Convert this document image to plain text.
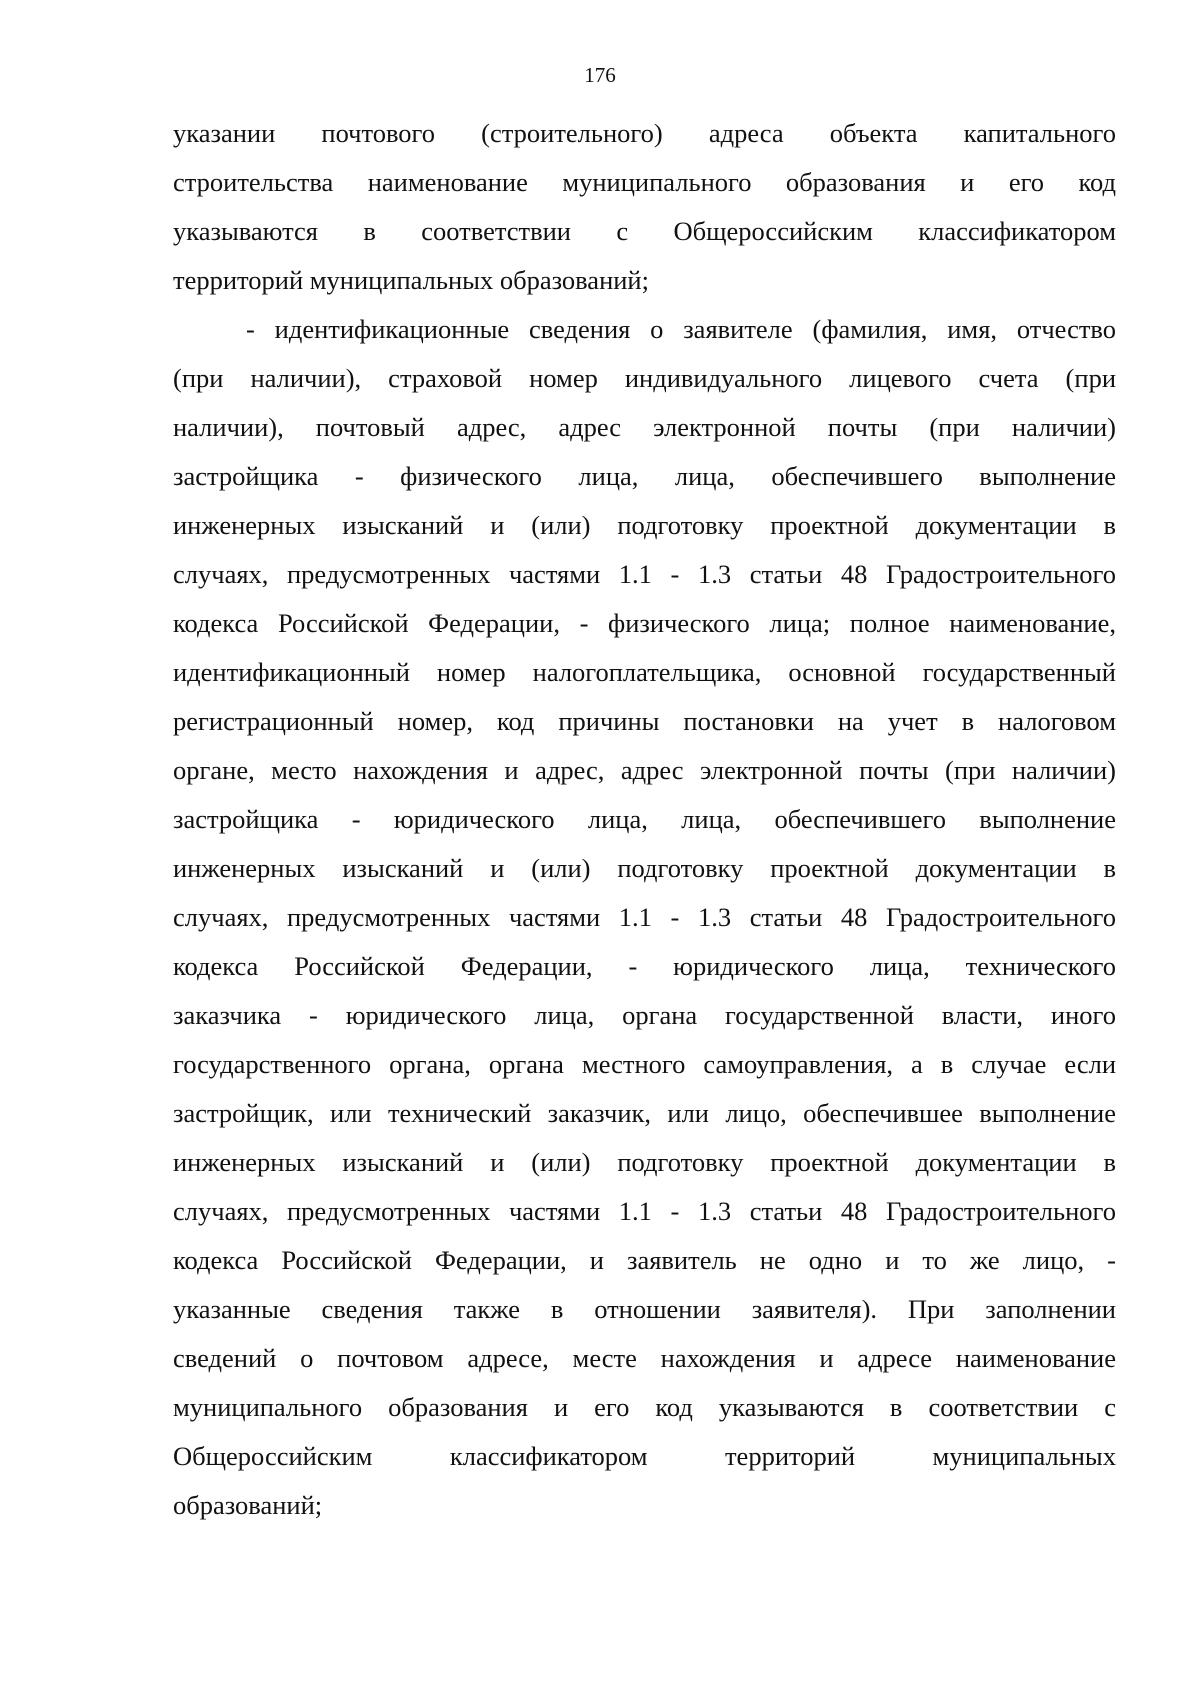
176
указании почтового (строительного) адреса объекта капитального
строительства наименование муниципального образования и его код
указываются в соответствии с Общероссийским классификатором
территорий муниципальных образований;
- идентификационные сведения о заявителе (фамилия, имя, отчество
(при наличии), страховой номер индивидуального лицевого счета (при
наличии), почтовый адрес, адрес электронной почты (при наличии)
застройщика - физического лица, лица, обеспечившего выполнение
инженерных изысканий и (или) подготовку проектной документации в
случаях, предусмотренных частями 1.1 - 1.3 статьи 48 Градостроительного
кодекса Российской Федерации, - физического лица; полное наименование,
идентификационный номер налогоплательщика, основной государственный
регистрационный номер, код причины постановки на учет в налоговом
органе, место нахождения и адрес, адрес электронной почты (при наличии)
застройщика - юридического лица, лица, обеспечившего выполнение
инженерных изысканий и (или) подготовку проектной документации в
случаях, предусмотренных частями 1.1 - 1.3 статьи 48 Градостроительного
кодекса Российской Федерации, - юридического лица, технического
заказчика - юридического лица, органа государственной власти, иного
государственного органа, органа местного самоуправления, а в случае если
застройщик, или технический заказчик, или лицо, обеспечившее выполнение
инженерных изысканий и (или) подготовку проектной документации в
случаях, предусмотренных частями 1.1 - 1.3 статьи 48 Градостроительного
кодекса Российской Федерации, и заявитель не одно и то же лицо, -
указанные сведения также в отношении заявителя). При заполнении
сведений о почтовом адресе, месте нахождения и адресе наименование
муниципального образования и его код указываются в соответствии с
Общероссийским классификатором территорий муниципальных
образований;
